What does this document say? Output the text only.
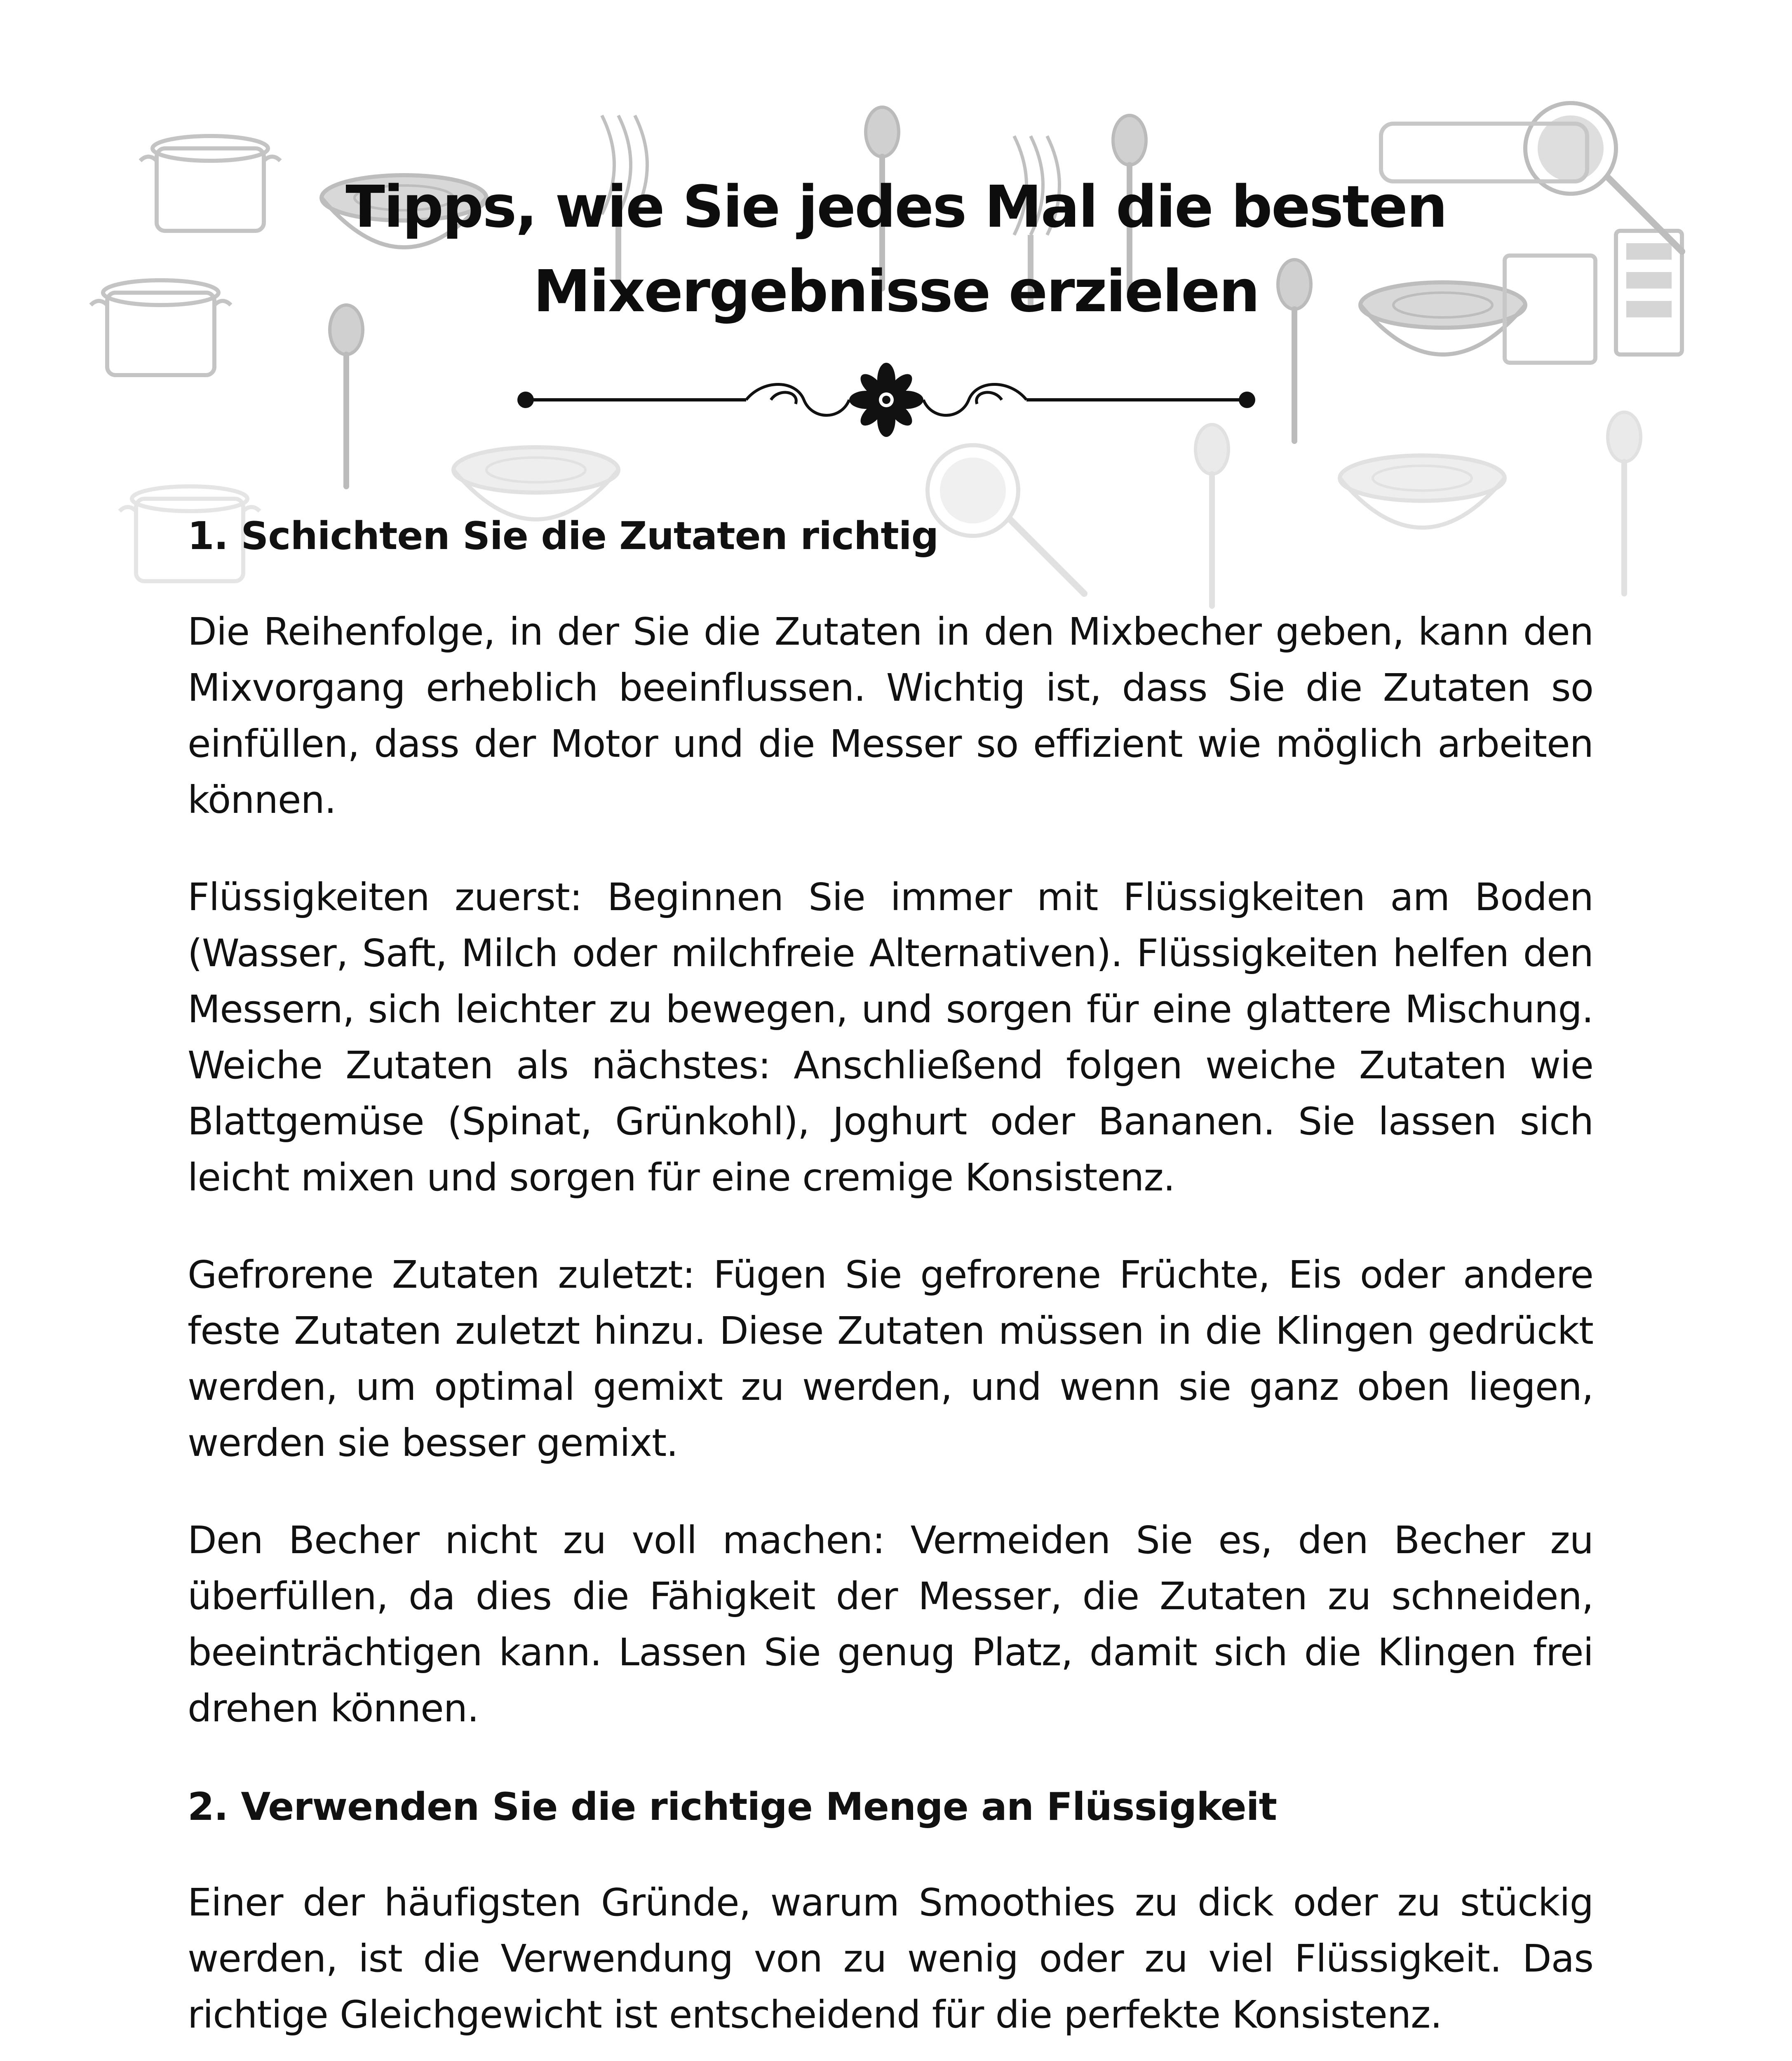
Tipps, wie Sie jedes Mal die besten
Mixergebnisse erzielen
1. Schichten Sie die Zutaten richtig

Die Reihenfolge, in der Sie die Zutaten in den Mixbecher geben, kann den Mixvorgang erheblich beeinflussen. Wichtig ist, dass Sie die Zutaten so einfüllen, dass der Motor und die Messer so effizient wie möglich arbeiten können.

Flüssigkeiten zuerst: Beginnen Sie immer mit Flüssigkeiten am Boden (Wasser, Saft, Milch oder milchfreie Alternativen). Flüssigkeiten helfen den Messern, sich leichter zu bewegen, und sorgen für eine glattere Mischung. Weiche Zutaten als nächstes: Anschließend folgen weiche Zutaten wie Blattgemüse (Spinat, Grünkohl), Joghurt oder Bananen. Sie lassen sich leicht mixen und sorgen für eine cremige Konsistenz.

Gefrorene Zutaten zuletzt: Fügen Sie gefrorene Früchte, Eis oder andere feste Zutaten zuletzt hinzu. Diese Zutaten müssen in die Klingen gedrückt werden, um optimal gemixt zu werden, und wenn sie ganz oben liegen, werden sie besser gemixt.

Den Becher nicht zu voll machen: Vermeiden Sie es, den Becher zu überfüllen, da dies die Fähigkeit der Messer, die Zutaten zu schneiden, beeinträchtigen kann. Lassen Sie genug Platz, damit sich die Klingen frei drehen können.

2. Verwenden Sie die richtige Menge an Flüssigkeit

Einer der häufigsten Gründe, warum Smoothies zu dick oder zu stückig werden, ist die Verwendung von zu wenig oder zu viel Flüssigkeit. Das richtige Gleichgewicht ist entscheidend für die perfekte Konsistenz.
